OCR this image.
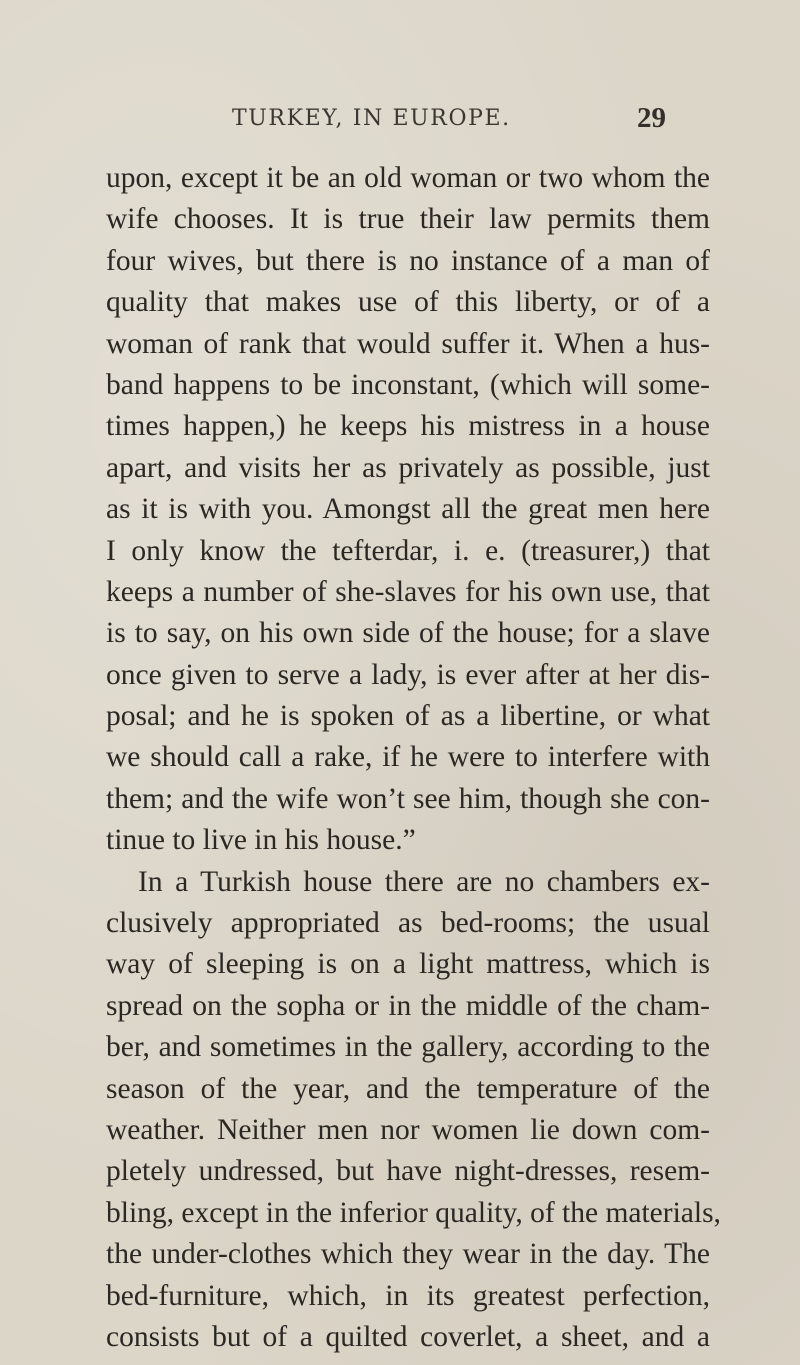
TURKEY, IN EUROPE.	29
upon, except it be an old woman or two whom the
wife chooses. It is true their law permits them
four wives, but there is no instance of a man of
quality that makes use of this liberty, or of a
woman of rank that would suffer it. When a hus-
band happens to be inconstant, (which will some-
times happen,) he keeps his mistress in a house
apart, and visits her as privately as possible, just
as it is with you. Amongst all the great men here
I only know the tefterdar, i. e. (treasurer,) that
keeps a number of she-slaves for his own use, that
is to say, on his own side of the house; for a slave
once given to serve a lady, is ever after at her dis-
posal; and he is spoken of as a libertine, or what
we should call a rake, if he were to interfere with
them; and the wife won’t see him, though she con-
tinue to live in his house.”
In a Turkish house there are no chambers ex-
clusively appropriated as bed-rooms; the usual
way of sleeping is on a light mattress, which is
spread on the sopha or in the middle of the cham-
ber, and sometimes in the gallery, according to the
season of the year, and the temperature of the
weather. Neither men nor women lie down com-
pletely undressed, but have night-dresses, resem-
bling, except in the inferior quality, of the materials,
the under-clothes which they wear in the day. The
bed-furniture, which, in its greatest perfection,
consists but of a quilted coverlet, a sheet, and a
